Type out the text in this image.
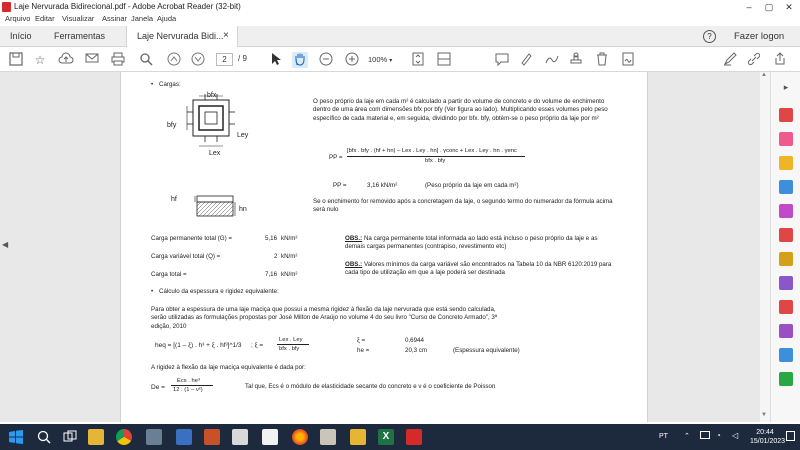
Laje Nervurada Bidirecional.pdf - Adobe Acrobat Reader (32-bit)	–	▢	✕
Arquivo Editar Visualizar Assinar Janela Ajuda
Início Ferramentas	Laje Nervurada Bidi... ×	?	Fazer logon
☆	2	/ 9	100% ▾
◀
• Cargas:
bfx
bfy
Ley
Lex
hf
hn
O peso próprio da laje em cada m² é calculado a partir do volume de concreto e do volume de enchimento dentro de uma área com dimensões bfx por bfy (Ver figura ao lado). Multiplicando esses volumes pelo peso específico de cada material e, em seguida, dividindo por bfx. bfy, obtém-se o peso próprio da laje por m²
PP =
[bfx . bfy . (hf + hn) – Lex . Ley . hn] . γconc + Lex . Ley . hn . γenc
bfx . bfy
PP =	3,16 kN/m²	(Peso próprio da laje em cada m²)
Se o enchimento for removido após a concretagem da laje, o segundo termo do numerador da fórmula acima será nulo
Carga permanente total (G) =	5,16 kN/m²
Carga variável total (Q) =	2 kN/m²
Carga total =	7,16 kN/m²
OBS.: Na carga permanente total informada ao lado está incluso o peso próprio da laje e as demais cargas permanentes (contrapiso, revestimento etc)
OBS.: Valores mínimos da carga variável são encontrados na Tabela 10 da NBR 6120:2019 para cada tipo de utilização em que a laje poderá ser destinada
• Cálculo da espessura e rigidez equivalente:
Para obter a espessura de uma laje maciça que possui a mesma rigidez à flexão da laje nervurada que está sendo calculada, serão utilizadas as formulações propostas por José Milton de Araújo no volume 4 do seu livro "Curso de Concreto Armado", 3ª edição, 2010
heq = [(1 – ξ) . h³ + ξ . hf³]^1/3 ; ξ =
Lex . Ley
bfx . bfy
ξ =	0,6944
he =	20,3 cm	(Espessura equivalente)
A rigidez à flexão da laje maciça equivalente é dada por:
De =
Ecs . he³
12 . (1 – ν²)	Tal que, Ecs é o módulo de elasticidade secante do concreto e ν é o coeficiente de Poisson
▲
▼
▸
X	PT ⌃	◔ ◁	20:44
15/01/2023
